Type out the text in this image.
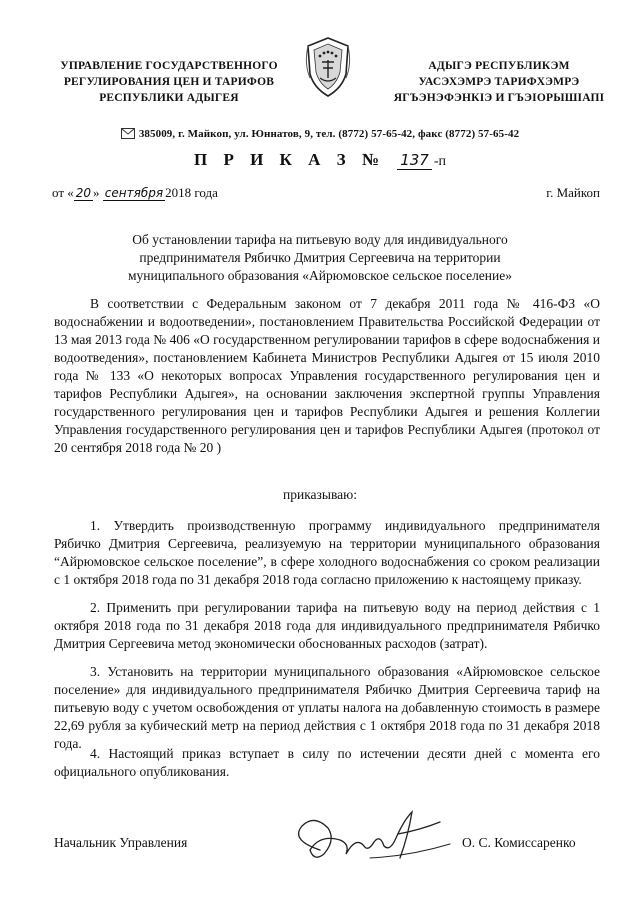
УПРАВЛЕНИЕ ГОСУДАРСТВЕННОГО
РЕГУЛИРОВАНИЯ ЦЕН И ТАРИФОВ
РЕСПУБЛИКИ АДЫГЕЯ
АДЫГЭ РЕСПУБЛИКЭМ
УАСЭХЭМРЭ ТАРИФХЭМРЭ
ЯГЪЭНЭФЭНКIЭ И ГЪЭIОРЫШIАПI
385009, г. Майкоп, ул. Юннатов, 9, тел. (8772) 57-65-42, факс (8772) 57-65-42
П Р И К А З № 137 -п
от « 20 » сентября 2018 года	г. Майкоп
Об установлении тарифа на питьевую воду для индивидуального предпринимателя Рябичко Дмитрия Сергеевича на территории муниципального образования «Айрюмовское сельское поселение»

В соответствии с Федеральным законом от 7 декабря 2011 года № 416-ФЗ «О водоснабжении и водоотведении», постановлением Правительства Российской Федерации от 13 мая 2013 года № 406 «О государственном регулировании тарифов в сфере водоснабжения и водоотведения», постановлением Кабинета Министров Республики Адыгея от 15 июля 2010 года № 133 «О некоторых вопросах Управления государственного регулирования цен и тарифов Республики Адыгея», на основании заключения экспертной группы Управления государственного регулирования цен и тарифов Республики Адыгея и решения Коллегии Управления государственного регулирования цен и тарифов Республики Адыгея (протокол от 20 сентября 2018 года № 20 )

приказываю:

1. Утвердить производственную программу индивидуального предпринимателя Рябичко Дмитрия Сергеевича, реализуемую на территории муниципального образования “Айрюмовское сельское поселение”, в сфере холодного водоснабжения со сроком реализации с 1 октября 2018 года по 31 декабря 2018 года согласно приложению к настоящему приказу.

2. Применить при регулировании тарифа на питьевую воду на период действия с 1 октября 2018 года по 31 декабря 2018 года для индивидуального предпринимателя Рябичко Дмитрия Сергеевича метод экономически обоснованных расходов (затрат).

3. Установить на территории муниципального образования «Айрюмовское сельское поселение» для индивидуального предпринимателя Рябичко Дмитрия Сергеевича тариф на питьевую воду с учетом освобождения от уплаты налога на добавленную стоимость в размере 22,69 рубля за кубический метр на период действия с 1 октября 2018 года по 31 декабря 2018 года.

4. Настоящий приказ вступает в силу по истечении десяти дней с момента его официального опубликования.

Начальник Управления	О. С. Комиссаренко
